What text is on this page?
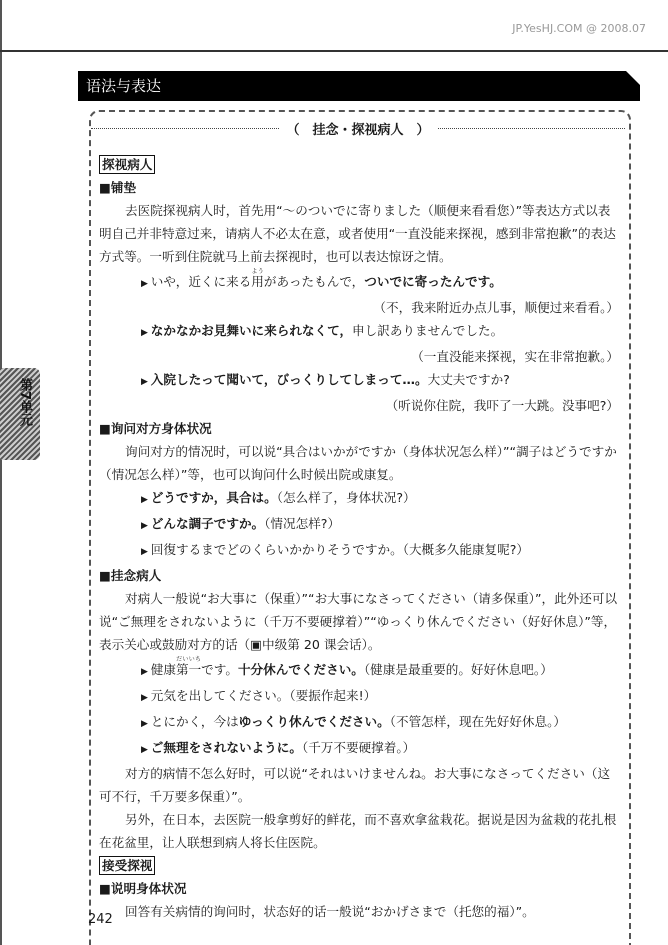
JP.YesHJ.COM @ 2008.07
语法与表达
（　挂念・探视病人　）
第7单元
探视病人
■铺垫
去医院探视病人时，首先用“～のついでに寄りました（顺便来看看您）”等表达方式以表明自己并非特意过来，请病人不必太在意，或者使用“一直没能来探视，感到非常抱歉”的表达方式等。一听到住院就马上前去探视时，也可以表达惊讶之情。
▶ いや，近くに来る用ようがあったもんで，ついでに寄ったんです。
（不，我来附近办点儿事，顺便过来看看。）
▶ なかなかお見舞いに来られなくて，申し訳ありませんでした。
（一直没能来探视，实在非常抱歉。）
▶ 入院したって聞いて，びっくりしてしまって…。大丈夫ですか?
（听说你住院，我吓了一大跳。没事吧?）
■询问对方身体状况
询问对方的情况时，可以说“具合はいかがですか（身体状况怎么样）”“調子はどうですか（情况怎么样）”等，也可以询问什么时候出院或康复。
▶ どうですか，具合は。（怎么样了，身体状况?）
▶ どんな調子ですか。（情况怎样?）
▶ 回復するまでどのくらいかかりそうですか。（大概多久能康复呢?）
■挂念病人
对病人一般说“お大事に（保重）”“お大事になさってください（请多保重）”，此外还可以说“ご無理をされないように（千万不要硬撑着）”“ゆっくり休んでください（好好休息）”等，表示关心或鼓励对方的话（▣中级第 20 课会话）。
▶ 健康第一だいいちです。十分休んでください。（健康是最重要的。好好休息吧。）
▶ 元気を出してください。（要振作起来!）
▶ とにかく，今はゆっくり休んでください。（不管怎样，现在先好好休息。）
▶ ご無理をされないように。（千万不要硬撑着。）
对方的病情不怎么好时，可以说“それはいけませんね。お大事になさってください（这可不行，千万要多保重）”。
另外，在日本，去医院一般拿剪好的鲜花，而不喜欢拿盆栽花。据说是因为盆栽的花扎根在花盆里，让人联想到病人将长住医院。
接受探视
■说明身体状况
回答有关病情的询问时，状态好的话一般说“おかげさまで（托您的福）”。
242
